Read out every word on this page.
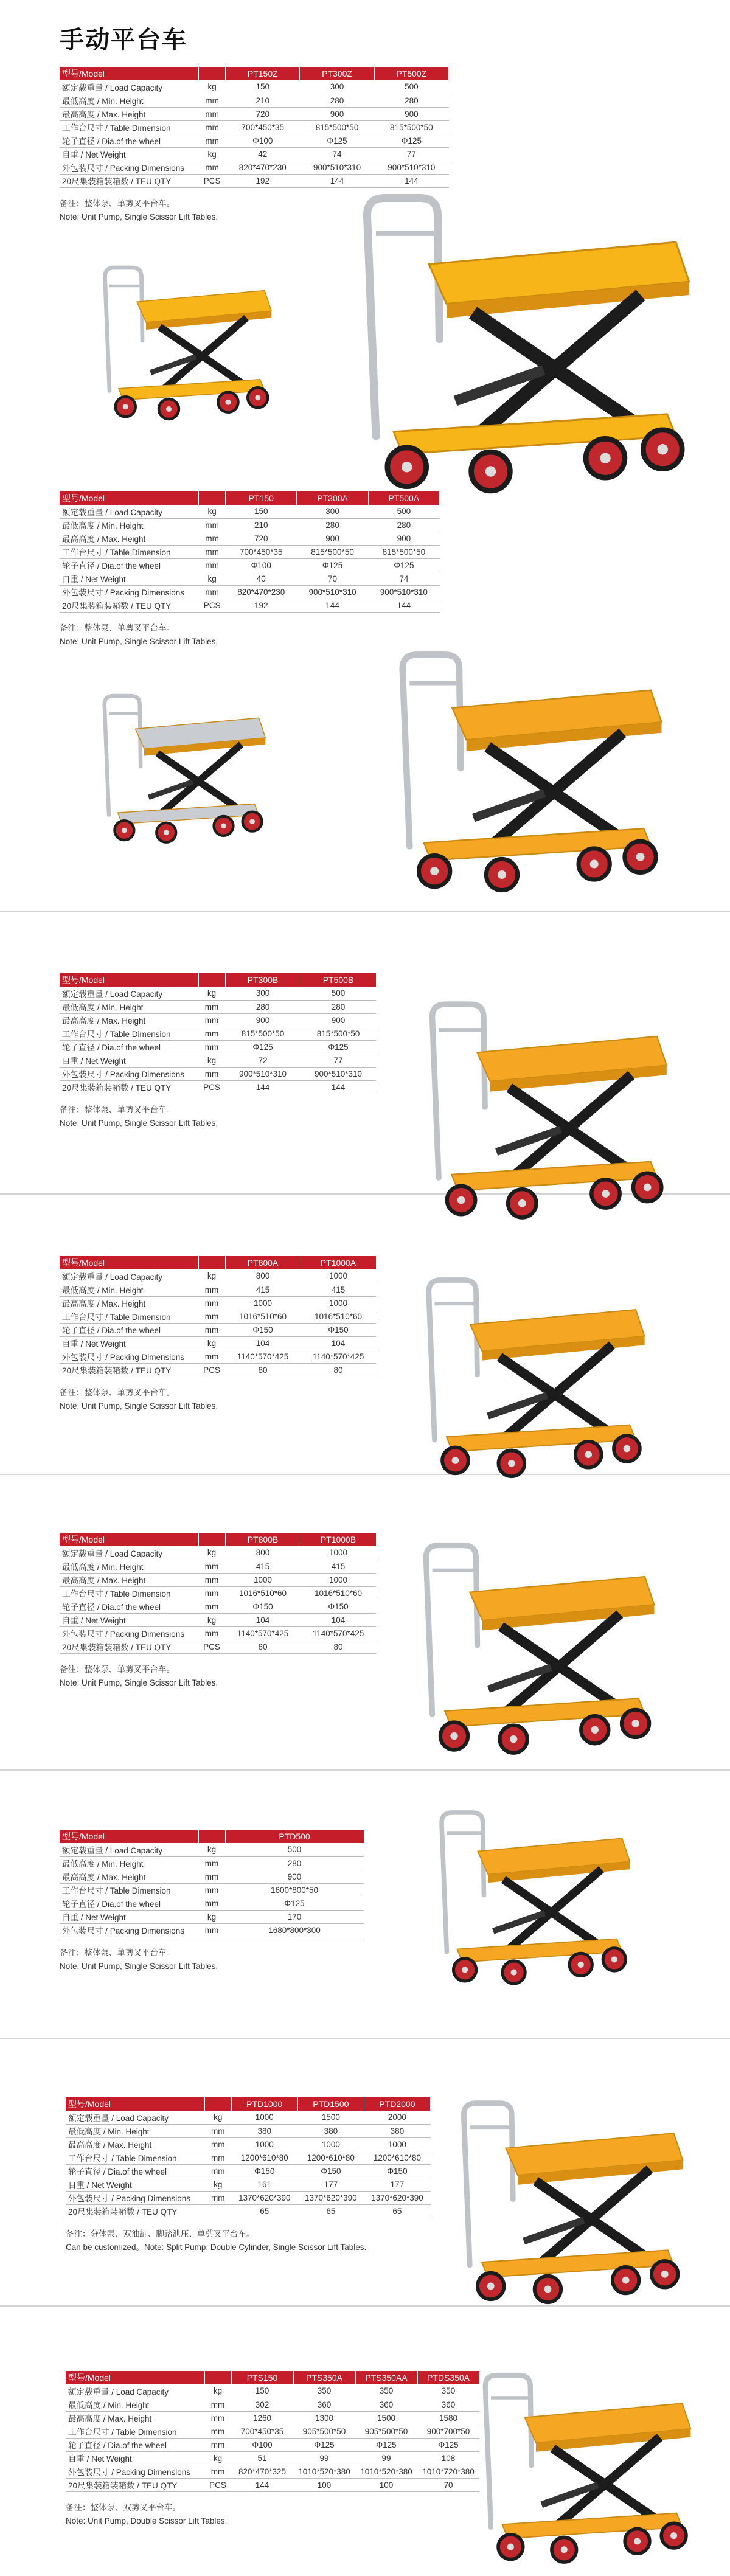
手动平台车
型号/Model		PT150Z	PT300Z	PT500Z
额定载重量 / Load Capacity	kg	150	300	500
最低高度 / Min. Height	mm	210	280	280
最高高度 / Max. Height	mm	720	900	900
工作台尺寸 / Table Dimension	mm	700*450*35	815*500*50	815*500*50
轮子直径 / Dia.of the wheel	mm	Φ100	Φ125	Φ125
自重 / Net Weight	kg	42	74	77
外包装尺寸 / Packing Dimensions	mm	820*470*230	900*510*310	900*510*310
20尺集装箱装箱数 / TEU QTY	PCS	192	144	144

备注：整体泵、单剪叉平台车。

Note: Unit Pump, Single Scissor Lift Tables.

型号/Model		PT150	PT300A	PT500A
额定载重量 / Load Capacity	kg	150	300	500
最低高度 / Min. Height	mm	210	280	280
最高高度 / Max. Height	mm	720	900	900
工作台尺寸 / Table Dimension	mm	700*450*35	815*500*50	815*500*50
轮子直径 / Dia.of the wheel	mm	Φ100	Φ125	Φ125
自重 / Net Weight	kg	40	70	74
外包装尺寸 / Packing Dimensions	mm	820*470*230	900*510*310	900*510*310
20尺集装箱装箱数 / TEU QTY	PCS	192	144	144

备注：整体泵、单剪叉平台车。

Note: Unit Pump, Single Scissor Lift Tables.

型号/Model		PT300B	PT500B
额定载重量 / Load Capacity	kg	300	500
最低高度 / Min. Height	mm	280	280
最高高度 / Max. Height	mm	900	900
工作台尺寸 / Table Dimension	mm	815*500*50	815*500*50
轮子直径 / Dia.of the wheel	mm	Φ125	Φ125
自重 / Net Weight	kg	72	77
外包装尺寸 / Packing Dimensions	mm	900*510*310	900*510*310
20尺集装箱装箱数 / TEU QTY	PCS	144	144

备注：整体泵、单剪叉平台车。

Note: Unit Pump, Single Scissor Lift Tables.

型号/Model		PT800A	PT1000A
额定载重量 / Load Capacity	kg	800	1000
最低高度 / Min. Height	mm	415	415
最高高度 / Max. Height	mm	1000	1000
工作台尺寸 / Table Dimension	mm	1016*510*60	1016*510*60
轮子直径 / Dia.of the wheel	mm	Φ150	Φ150
自重 / Net Weight	kg	104	104
外包装尺寸 / Packing Dimensions	mm	1140*570*425	1140*570*425
20尺集装箱装箱数 / TEU QTY	PCS	80	80

备注：整体泵、单剪叉平台车。

Note: Unit Pump, Single Scissor Lift Tables.

型号/Model		PT800B	PT1000B
额定载重量 / Load Capacity	kg	800	1000
最低高度 / Min. Height	mm	415	415
最高高度 / Max. Height	mm	1000	1000
工作台尺寸 / Table Dimension	mm	1016*510*60	1016*510*60
轮子直径 / Dia.of the wheel	mm	Φ150	Φ150
自重 / Net Weight	kg	104	104
外包装尺寸 / Packing Dimensions	mm	1140*570*425	1140*570*425
20尺集装箱装箱数 / TEU QTY	PCS	80	80

备注：整体泵、单剪叉平台车。

Note: Unit Pump, Single Scissor Lift Tables.

型号/Model		PTD500
额定载重量 / Load Capacity	kg	500
最低高度 / Min. Height	mm	280
最高高度 / Max. Height	mm	900
工作台尺寸 / Table Dimension	mm	1600*800*50
轮子直径 / Dia.of the wheel	mm	Φ125
自重 / Net Weight	kg	170
外包装尺寸 / Packing Dimensions	mm	1680*800*300

备注：整体泵、单剪叉平台车。

Note: Unit Pump, Single Scissor Lift Tables.

型号/Model		PTD1000	PTD1500	PTD2000
额定载重量 / Load Capacity	kg	1000	1500	2000
最低高度 / Min. Height	mm	380	380	380
最高高度 / Max. Height	mm	1000	1000	1000
工作台尺寸 / Table Dimension	mm	1200*610*80	1200*610*80	1200*610*80
轮子直径 / Dia.of the wheel	mm	Φ150	Φ150	Φ150
自重 / Net Weight	kg	161	177	177
外包装尺寸 / Packing Dimensions	mm	1370*620*390	1370*620*390	1370*620*390
20尺集装箱装箱数 / TEU QTY		65	65	65

备注：分体泵、双油缸、脚踏泄压、单剪叉平台车。

Can be customized。Note: Split Pump, Double Cylinder, Single Scissor Lift Tables.

型号/Model		PTS150	PTS350A	PTS350AA	PTDS350A
额定载重量 / Load Capacity	kg	150	350	350	350
最低高度 / Min. Height	mm	302	360	360	360
最高高度 / Max. Height	mm	1260	1300	1500	1580
工作台尺寸 / Table Dimension	mm	700*450*35	905*500*50	905*500*50	900*700*50
轮子直径 / Dia.of the wheel	mm	Φ100	Φ125	Φ125	Φ125
自重 / Net Weight	kg	51	99	99	108
外包装尺寸 / Packing Dimensions	mm	820*470*325	1010*520*380	1010*520*380	1010*720*380
20尺集装箱装箱数 / TEU QTY	PCS	144	100	100	70

备注：整体泵、双剪叉平台车。

Note: Unit Pump, Double Scissor Lift Tables.
